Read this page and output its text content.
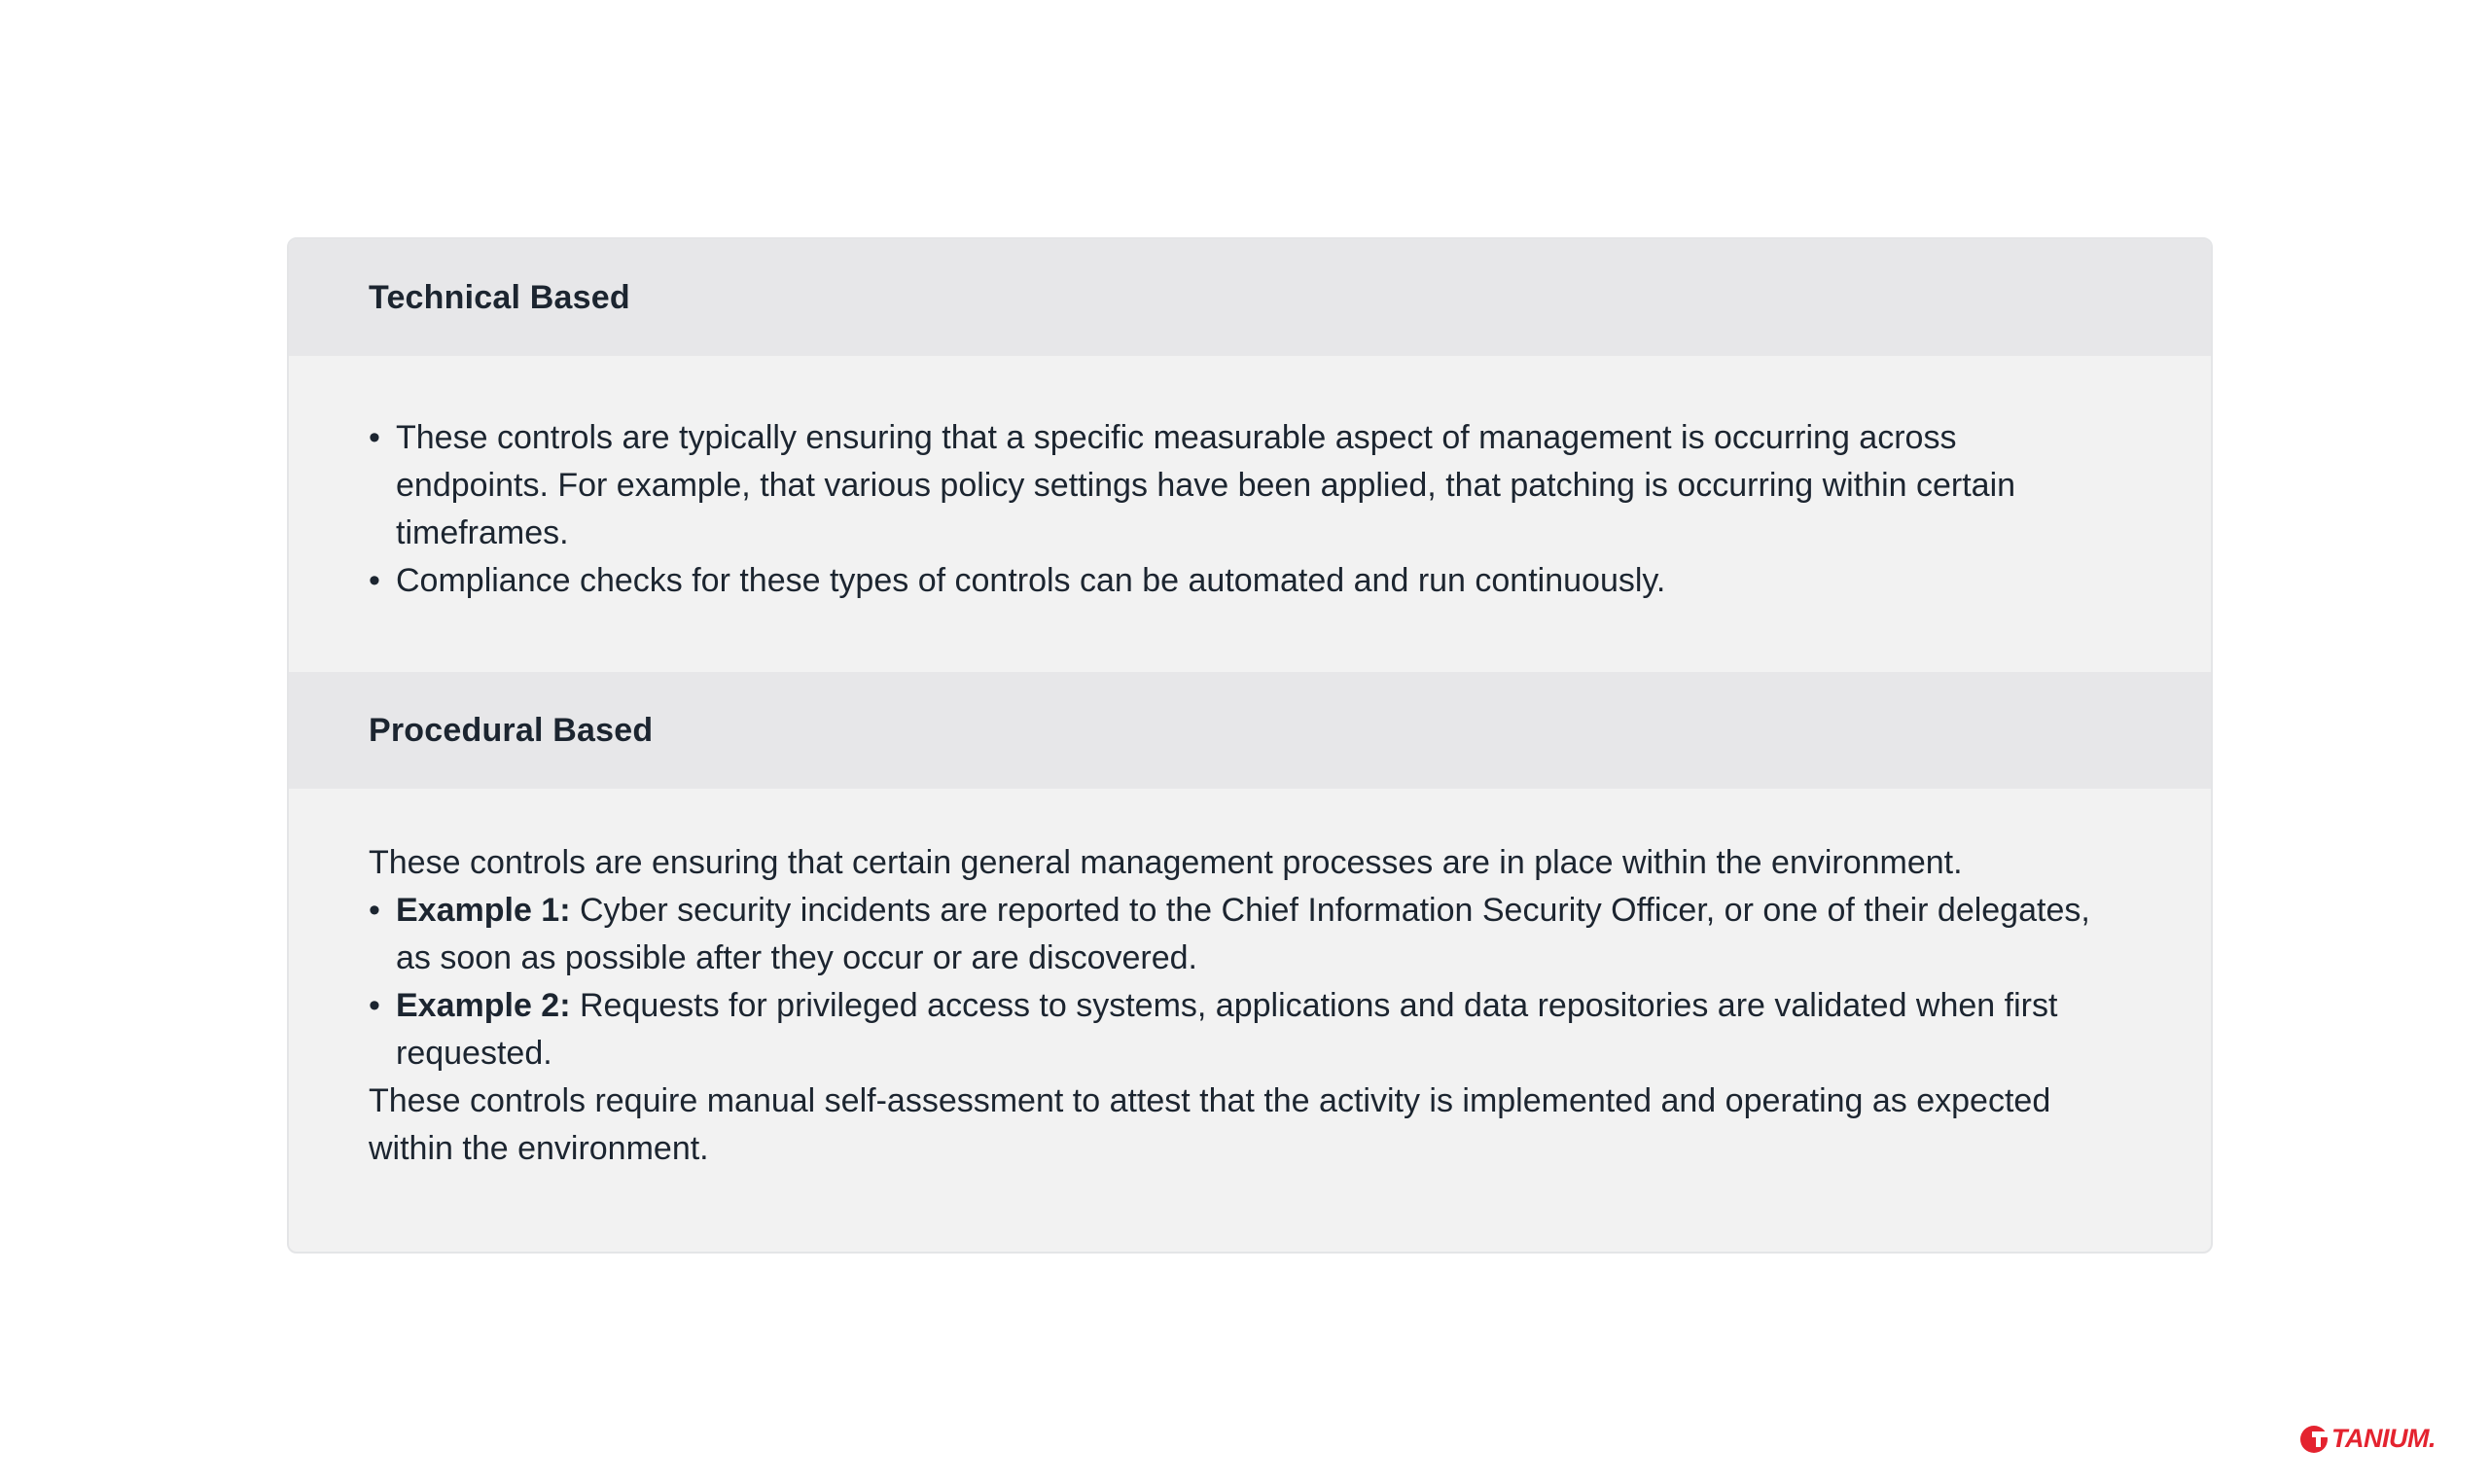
Technical Based
• These controls are typically ensuring that a specific measurable aspect of management is occurring across endpoints. For example, that various policy settings have been applied, that patching is occurring within certain timeframes.
• Compliance checks for these types of controls can be automated and run continuously.
Procedural Based

These controls are ensuring that certain general management processes are in place within the environment.

• Example 1: Cyber security incidents are reported to the Chief Information Security Officer, or one of their delegates, as soon as possible after they occur or are discovered.
• Example 2: Requests for privileged access to systems, applications and data repositories are validated when first requested.

These controls require manual self-assessment to attest that the activity is implemented and operating as expected within the environment.

TANIUM.
